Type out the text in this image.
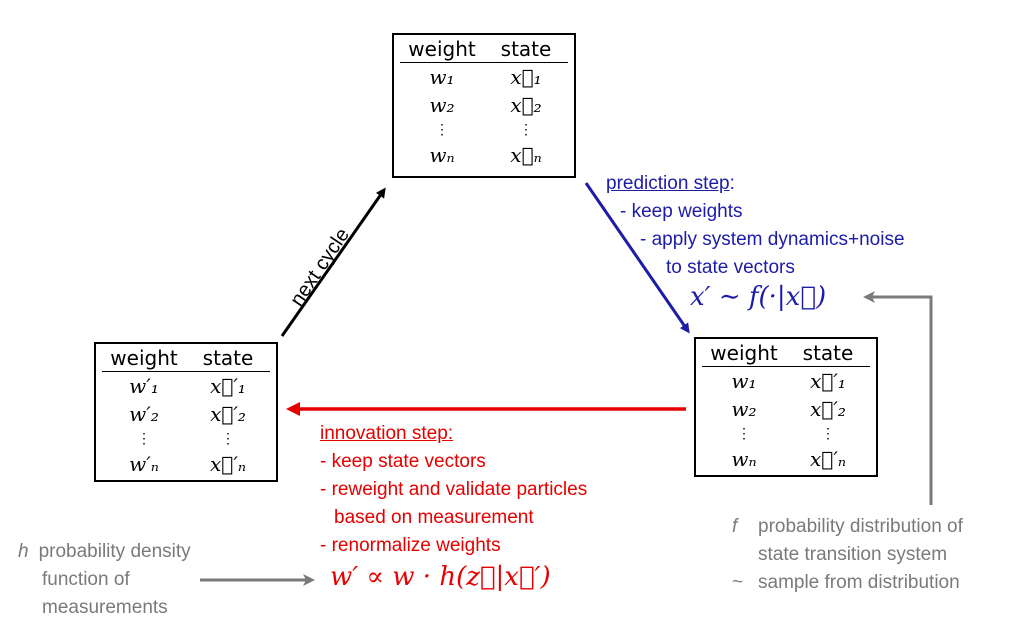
weight	state
w₁	x⃗₁
w₂	x⃗₂
⋮	⋮
wₙ	x⃗ₙ
weight	state
w′₁	x⃗′₁
w′₂	x⃗′₂
⋮	⋮
w′ₙ	x⃗′ₙ
weight	state
w₁	x⃗′₁
w₂	x⃗′₂
⋮	⋮
wₙ	x⃗′ₙ
next cycle
prediction step:
- keep weights
- apply system dynamics+noise
to state vectors
x′ ∼ f(·|x⃗)
innovation step:
- keep state vectors
- reweight and validate particles
based on measurement
- renormalize weights
w′ ∝ w · h(z⃗|x⃗′)
h probability density
function of
measurements
f probability distribution of
state transition system
~ sample from distribution
